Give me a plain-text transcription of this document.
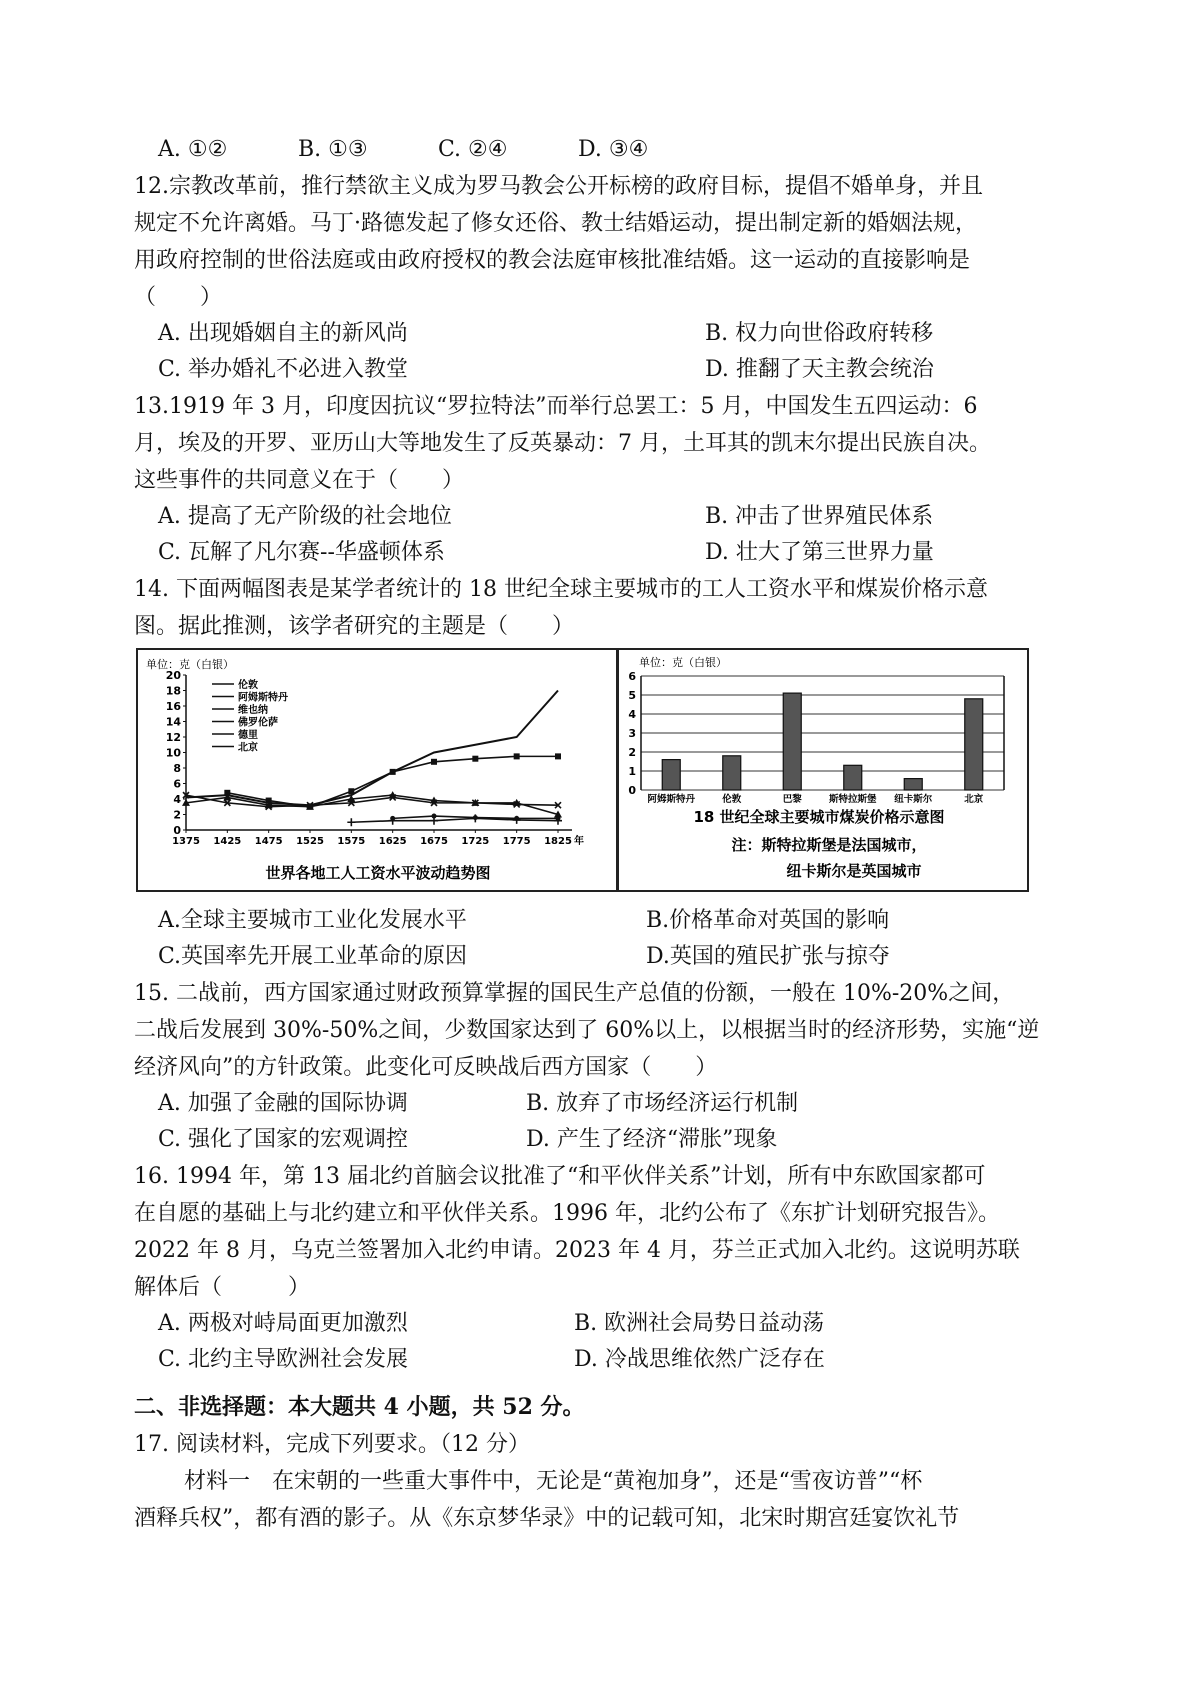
A. ①②	B. ①③	C. ②④	D. ③④
12.宗教改革前，推行禁欲主义成为罗马教会公开标榜的政府目标，提倡不婚单身，并且
规定不允许离婚。马丁·路德发起了修女还俗、教士结婚运动，提出制定新的婚姻法规，
用政府控制的世俗法庭或由政府授权的教会法庭审核批准结婚。这一运动的直接影响是
（　　）
A. 出现婚姻自主的新风尚	B. 权力向世俗政府转移
C. 举办婚礼不必进入教堂	D. 推翻了天主教会统治
13.1919 年 3 月，印度因抗议“罗拉特法”而举行总罢工：5 月，中国发生五四运动：6
月，埃及的开罗、亚历山大等地发生了反英暴动：7 月，土耳其的凯末尔提出民族自决。
这些事件的共同意义在于（　　）
A. 提高了无产阶级的社会地位	B. 冲击了世界殖民体系
C. 瓦解了凡尔赛--华盛顿体系	D. 壮大了第三世界力量
14. 下面两幅图表是某学者统计的 18 世纪全球主要城市的工人工资水平和煤炭价格示意
图。据此推测，该学者研究的主题是（　　）
单位：克（白银）
世界各地工人工资水平波动趋势图
0
2
4
6
8
10
12
14
16
18
20
1375 1425 1475 1525 1575 1625 1675 1725 1775 1825 年
伦敦
阿姆斯特丹
维也纳
佛罗伦萨
德里
北京
单位：克（白银）
0
1
2
3
4
5
6
阿姆斯特丹	伦敦	巴黎	斯特拉斯堡 纽卡斯尔	北京
18 世纪全球主要城市煤炭价格示意图
注：斯特拉斯堡是法国城市，
纽卡斯尔是英国城市
A.全球主要城市工业化发展水平	B.价格革命对英国的影响
C.英国率先开展工业革命的原因	D.英国的殖民扩张与掠夺
15. 二战前，西方国家通过财政预算掌握的国民生产总值的份额，一般在 10%-20%之间，
二战后发展到 30%-50%之间，少数国家达到了 60%以上，以根据当时的经济形势，实施“逆
经济风向”的方针政策。此变化可反映战后西方国家（　　）
A. 加强了金融的国际协调	B. 放弃了市场经济运行机制
C. 强化了国家的宏观调控	D. 产生了经济“滞胀”现象
16. 1994 年，第 13 届北约首脑会议批准了“和平伙伴关系”计划，所有中东欧国家都可
在自愿的基础上与北约建立和平伙伴关系。1996 年，北约公布了《东扩计划研究报告》。
2022 年 8 月，乌克兰签署加入北约申请。2023 年 4 月，芬兰正式加入北约。这说明苏联
解体后（　　　）
A. 两极对峙局面更加激烈	B. 欧洲社会局势日益动荡
C. 北约主导欧洲社会发展	D. 冷战思维依然广泛存在
二、非选择题：本大题共 4 小题，共 52 分。
17. 阅读材料，完成下列要求。（12 分）
材料一　在宋朝的一些重大事件中，无论是“黄袍加身”，还是“雪夜访普”“杯
酒释兵权”，都有酒的影子。从《东京梦华录》中的记载可知，北宋时期宫廷宴饮礼节
